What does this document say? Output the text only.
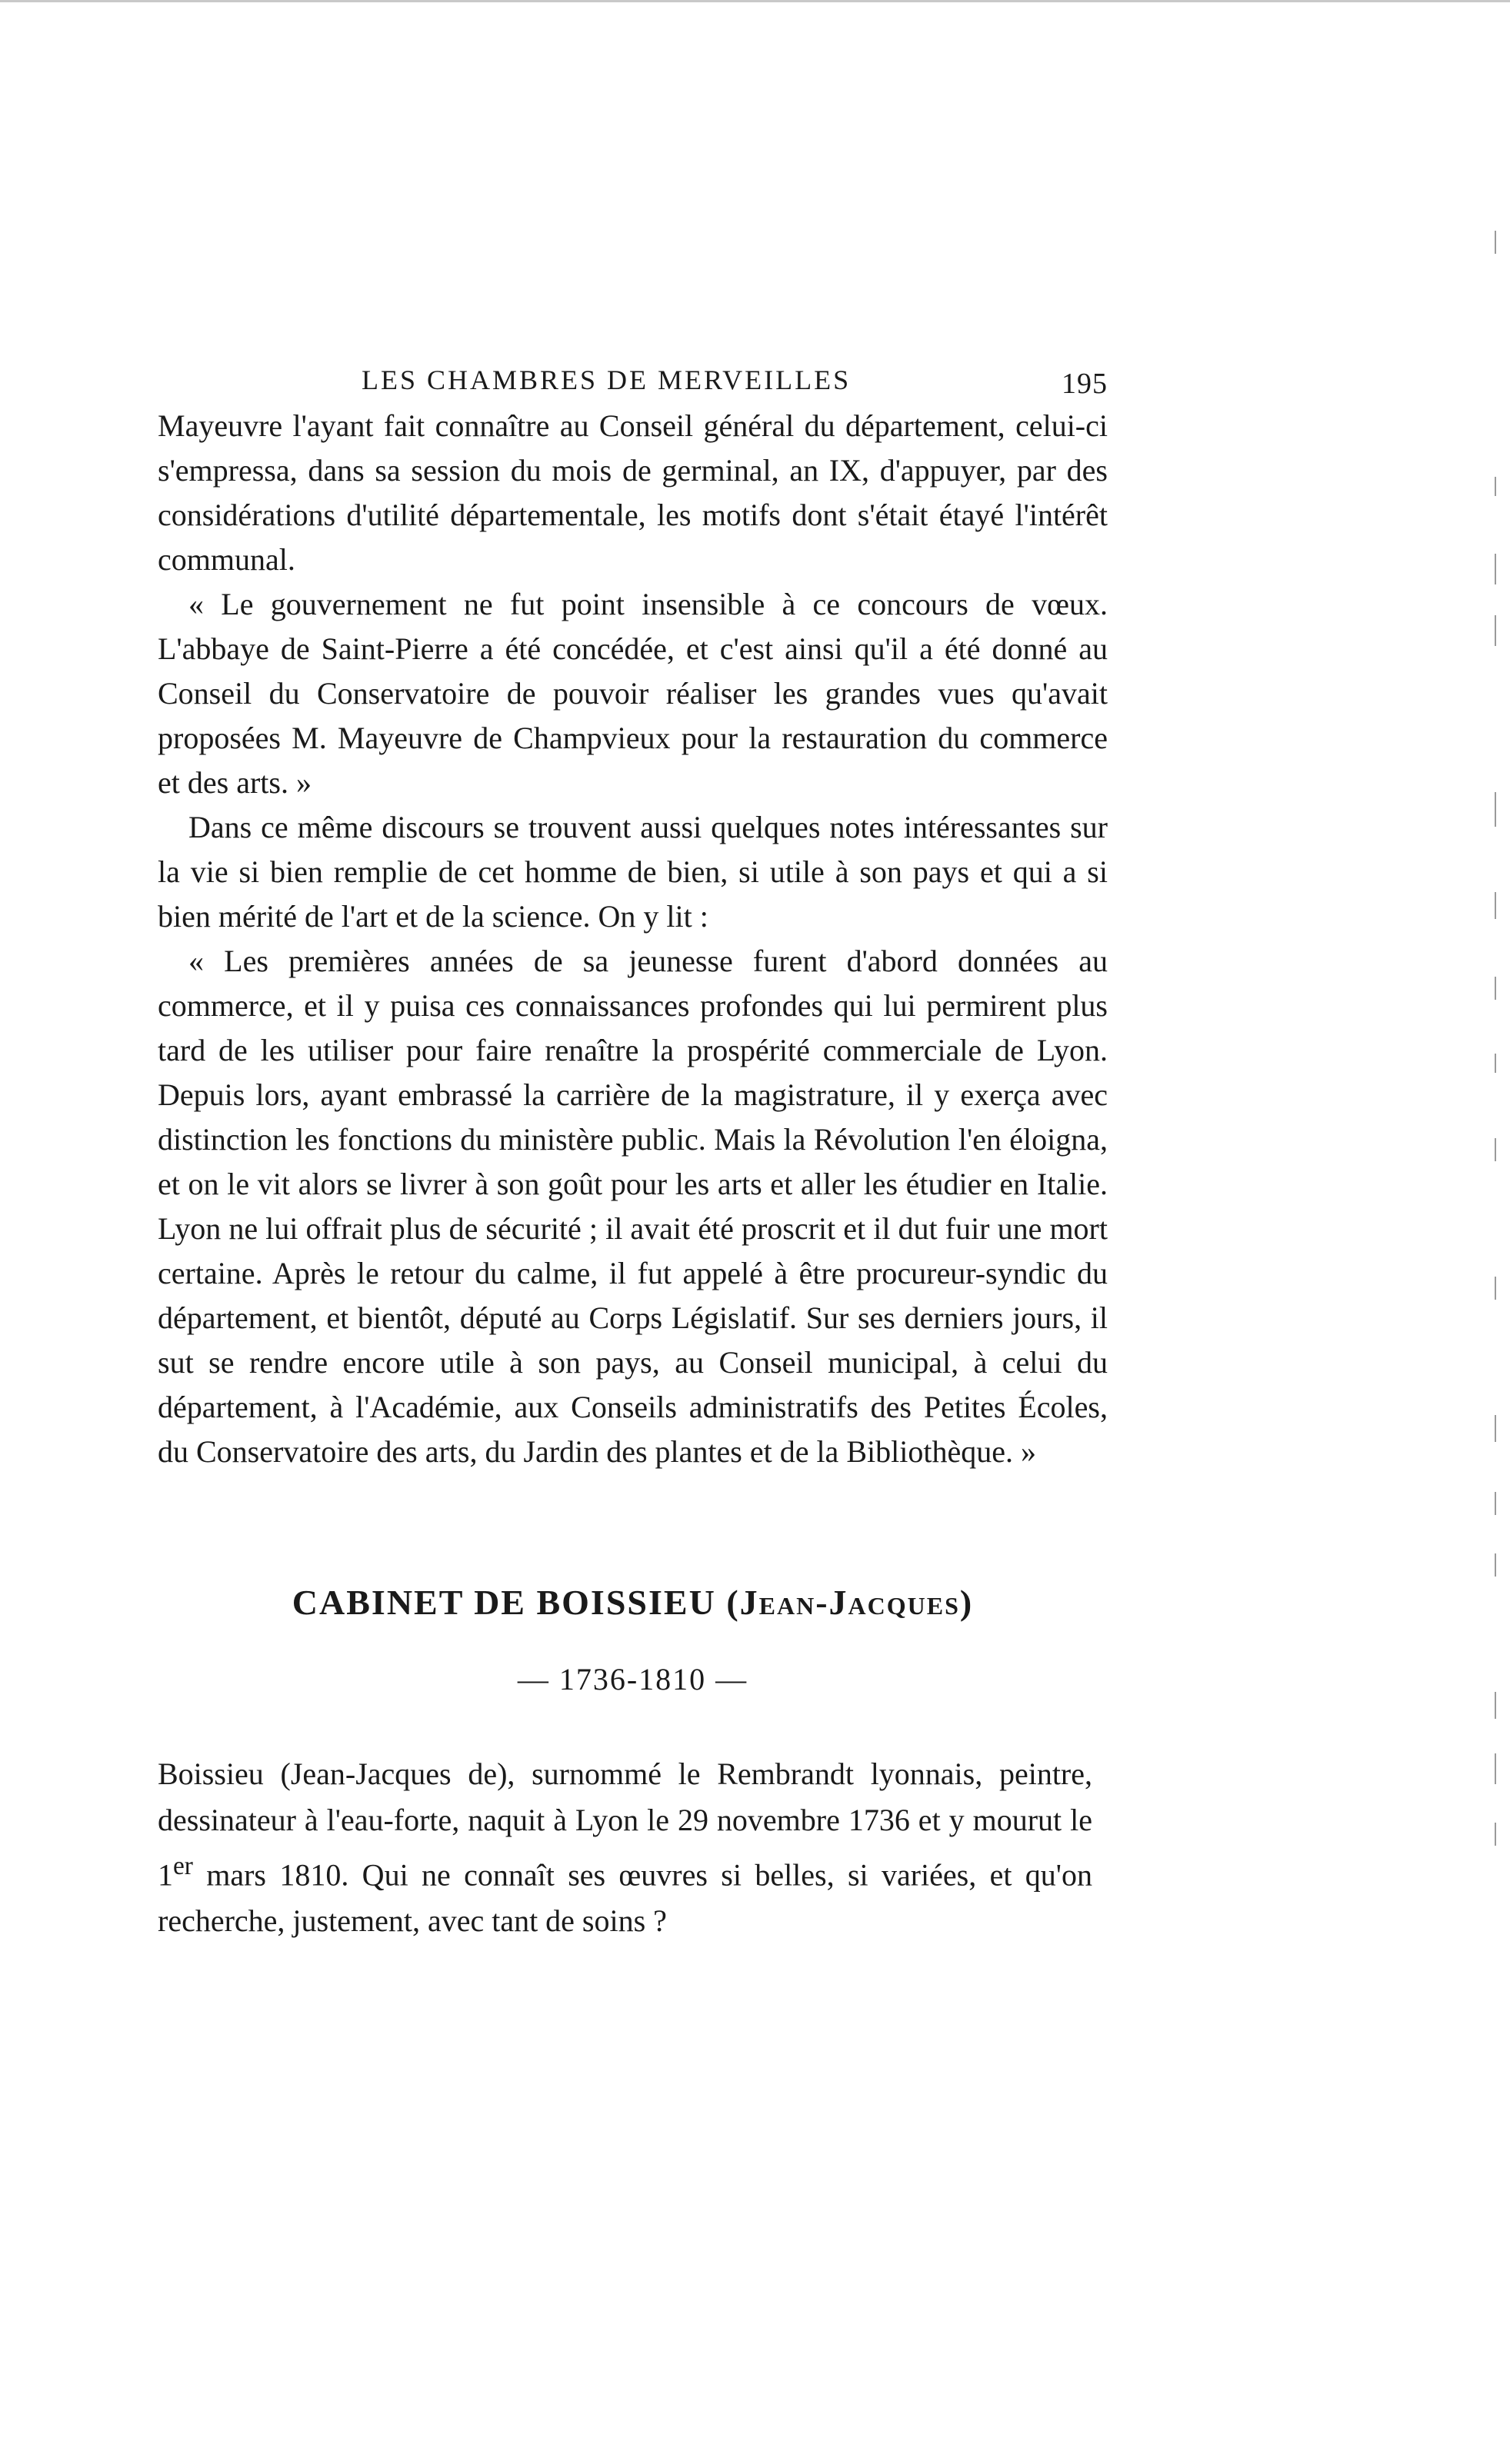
LES CHAMBRES DE MERVEILLES	195

Mayeuvre l'ayant fait connaître au Conseil général du département, celui-ci s'empressa, dans sa session du mois de germinal, an IX, d'appuyer, par des considérations d'utilité départementale, les motifs dont s'était étayé l'intérêt communal.

« Le gouvernement ne fut point insensible à ce concours de vœux. L'abbaye de Saint-Pierre a été concédée, et c'est ainsi qu'il a été donné au Conseil du Conservatoire de pouvoir réaliser les grandes vues qu'avait proposées M. Mayeuvre de Champvieux pour la restauration du commerce et des arts. »

Dans ce même discours se trouvent aussi quelques notes intéressantes sur la vie si bien remplie de cet homme de bien, si utile à son pays et qui a si bien mérité de l'art et de la science. On y lit :

« Les premières années de sa jeunesse furent d'abord données au commerce, et il y puisa ces connaissances profondes qui lui permirent plus tard de les utiliser pour faire renaître la prospérité commerciale de Lyon. Depuis lors, ayant embrassé la carrière de la magistrature, il y exerça avec distinction les fonctions du ministère public. Mais la Révolution l'en éloigna, et on le vit alors se livrer à son goût pour les arts et aller les étudier en Italie. Lyon ne lui offrait plus de sécurité ; il avait été proscrit et il dut fuir une mort certaine. Après le retour du calme, il fut appelé à être procureur-syndic du département, et bientôt, député au Corps Législatif. Sur ses derniers jours, il sut se rendre encore utile à son pays, au Conseil municipal, à celui du département, à l'Académie, aux Conseils administratifs des Petites Écoles, du Conservatoire des arts, du Jardin des plantes et de la Bibliothèque. »

CABINET DE BOISSIEU (Jean-Jacques)
— 1736-1810 —

Boissieu (Jean-Jacques de), surnommé le Rembrandt lyonnais, peintre, dessinateur à l'eau-forte, naquit à Lyon le 29 novembre 1736 et y mourut le 1er mars 1810. Qui ne connaît ses œuvres si belles, si variées, et qu'on recherche, justement, avec tant de soins ?
